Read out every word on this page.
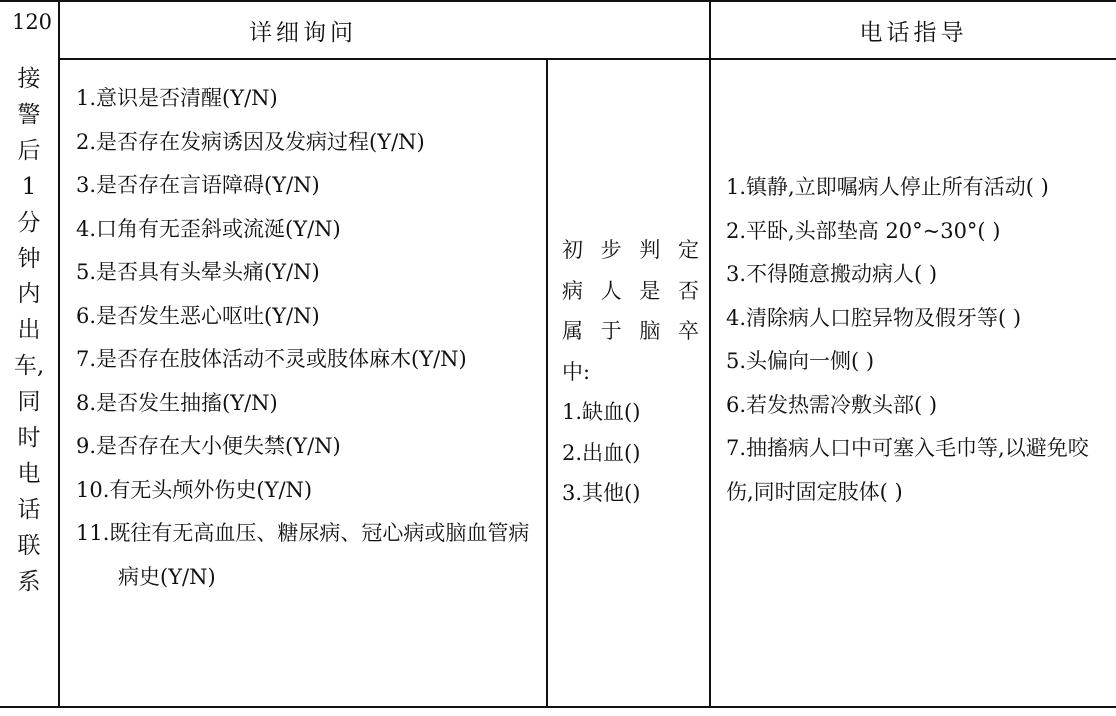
120	详细询问	电话指导
接
警
后
1
分
钟
内
出
车,
同
时
电
话
联
系
1.意识是否清醒(Y/N)
2.是否存在发病诱因及发病过程(Y/N)
3.是否存在言语障碍(Y/N)
4.口角有无歪斜或流涎(Y/N)
5.是否具有头晕头痛(Y/N)
6.是否发生恶心呕吐(Y/N)
7.是否存在肢体活动不灵或肢体麻木(Y/N)
8.是否发生抽搐(Y/N)
9.是否存在大小便失禁(Y/N)
10.有无头颅外伤史(Y/N)
11.既往有无高血压、糖尿病、冠心病或脑血管病病史(Y/N)
初步判定
病人是否
属于脑卒
中:
1.缺血()
2.出血()
3.其他()
1.镇静,立即嘱病人停止所有活动( )
2.平卧,头部垫高 20°~30°( )
3.不得随意搬动病人( )
4.清除病人口腔异物及假牙等( )
5.头偏向一侧( )
6.若发热需冷敷头部( )
7.抽搐病人口中可塞入毛巾等,以避免咬伤,同时固定肢体( )
